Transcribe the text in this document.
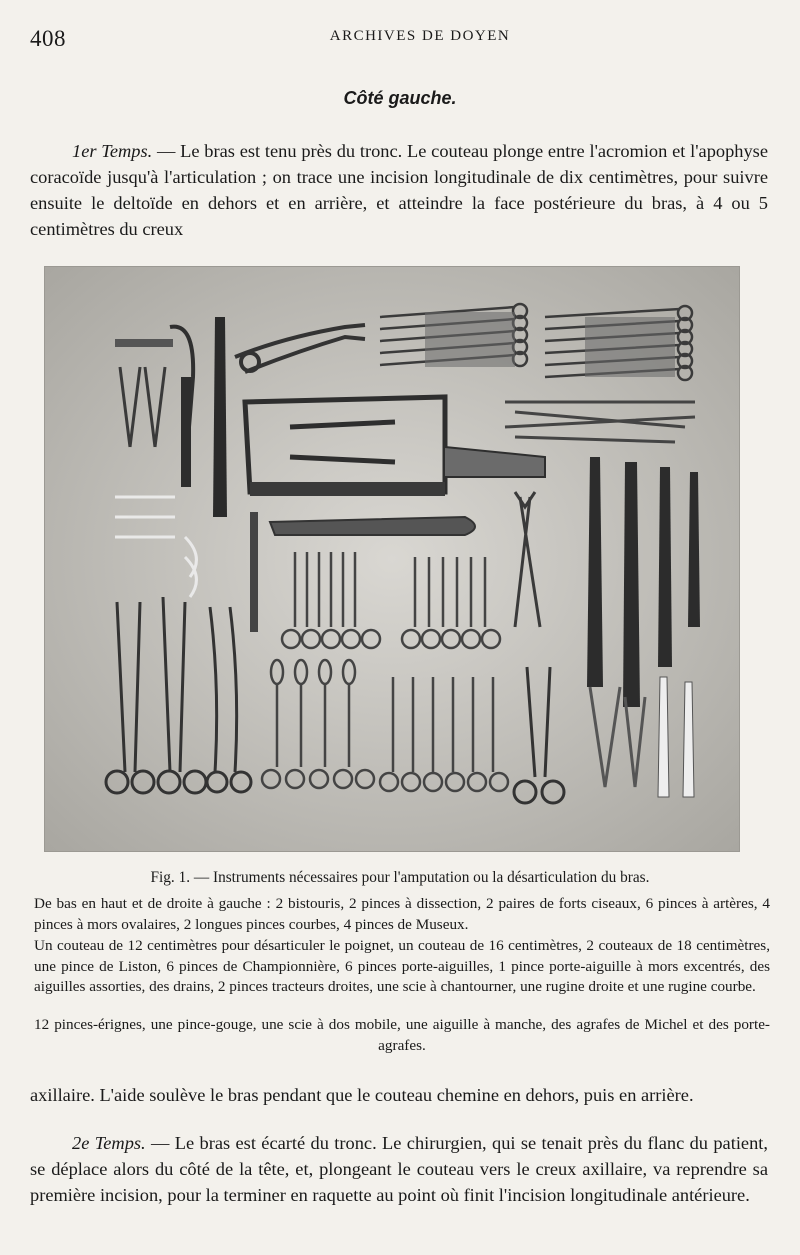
408	ARCHIVES DE DOYEN
Côté gauche.

1er Temps. — Le bras est tenu près du tronc. Le couteau plonge entre l'acromion et l'apophyse coracoïde jusqu'à l'articulation ; on trace une incision longitudinale de dix centimètres, pour suivre ensuite le deltoïde en dehors et en arrière, et atteindre la face postérieure du bras, à 4 ou 5 centimètres du creux

Fig. 1. — Instruments nécessaires pour l'amputation ou la désarticulation du bras.
De bas en haut et de droite à gauche : 2 bistouris, 2 pinces à dissection, 2 paires de forts ciseaux, 6 pinces à artères, 4 pinces à mors ovalaires, 2 longues pinces courbes, 4 pinces de Museux.
Un couteau de 12 centimètres pour désarticuler le poignet, un couteau de 16 centimètres, 2 couteaux de 18 centimètres, une pince de Liston, 6 pinces de Championnière, 6 pinces porte-aiguilles, 1 pince porte-aiguille à mors excentrés, des aiguilles assorties, des drains, 2 pinces tracteurs droites, une scie à chantourner, une rugine droite et une rugine courbe.
12 pinces-érignes, une pince-gouge, une scie à dos mobile, une aiguille à manche, des agrafes de Michel et des porte-agrafes.

axillaire. L'aide soulève le bras pendant que le couteau chemine en dehors, puis en arrière.

2e Temps. — Le bras est écarté du tronc. Le chirurgien, qui se tenait près du flanc du patient, se déplace alors du côté de la tête, et, plongeant le couteau vers le creux axillaire, va reprendre sa première incision, pour la terminer en raquette au point où finit l'incision longitudinale antérieure.
